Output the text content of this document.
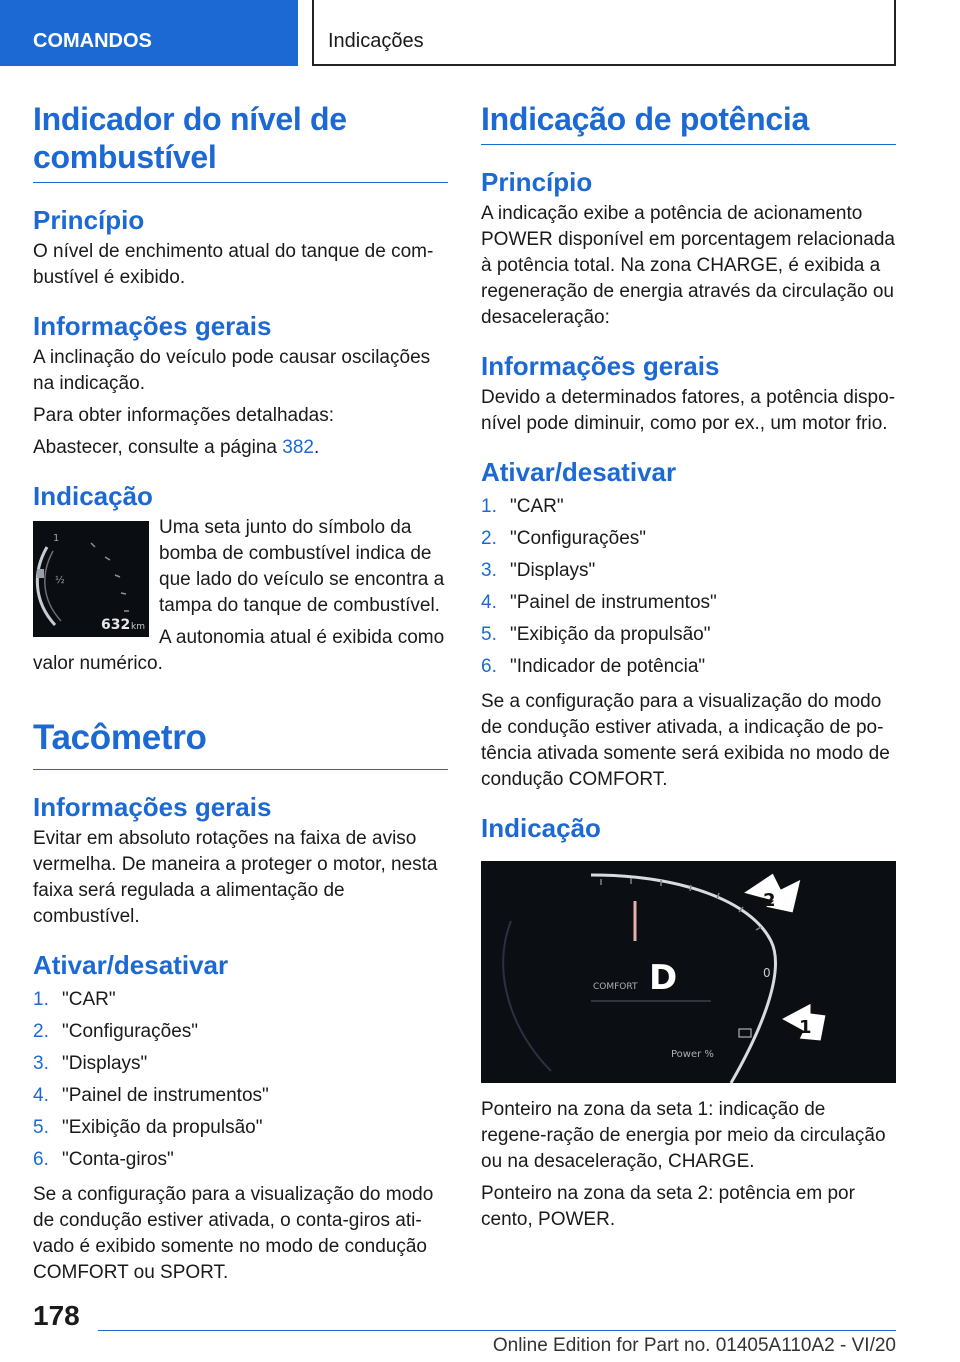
COMANDOS	Indicações
Indicador do nível de combustível
Princípio

O nível de enchimento atual do tanque de com-bustível é exibido.

Informações gerais

A inclinação do veículo pode causar oscilações na indicação.

Para obter informações detalhadas:

Abastecer, consulte a página 382.

Indicação
1
½
632 km

Uma seta junto do símbolo da bomba de combustível indica de que lado do veículo se encontra a tampa do tanque de combustível.

A autonomia atual é exibida como valor numérico.

Tacômetro
Informações gerais

Evitar em absoluto rotações na faixa de aviso vermelha. De maneira a proteger o motor, nesta faixa será regulada a alimentação de combustível.

Ativar/desativar
1. "CAR"
2. "Configurações"
3. "Displays"
4. "Painel de instrumentos"
5. "Exibição da propulsão"
6. "Conta-giros"

Se a configuração para a visualização do modo de condução estiver ativada, o conta-giros ati-vado é exibido somente no modo de condução COMFORT ou SPORT.

Indicação de potência
Princípio

A indicação exibe a potência de acionamento POWER disponível em porcentagem relacionada à potência total. Na zona CHARGE, é exibida a regeneração de energia através da circulação ou desaceleração:

Informações gerais

Devido a determinados fatores, a potência dispo-nível pode diminuir, como por ex., um motor frio.

Ativar/desativar
1. "CAR"
2. "Configurações"
3. "Displays"
4. "Painel de instrumentos"
5. "Exibição da propulsão"
6. "Indicador de potência"

Se a configuração para a visualização do modo de condução estiver ativada, a indicação de po-tência ativada somente será exibida no modo de condução COMFORT.

Indicação
D
COMFORT
0
Power %
2
1

Ponteiro na zona da seta 1: indicação de regene-ração de energia por meio da circulação ou na desaceleração, CHARGE.

Ponteiro na zona da seta 2: potência em por cento, POWER.

178
Online Edition for Part no. 01405A110A2 - VI/20
